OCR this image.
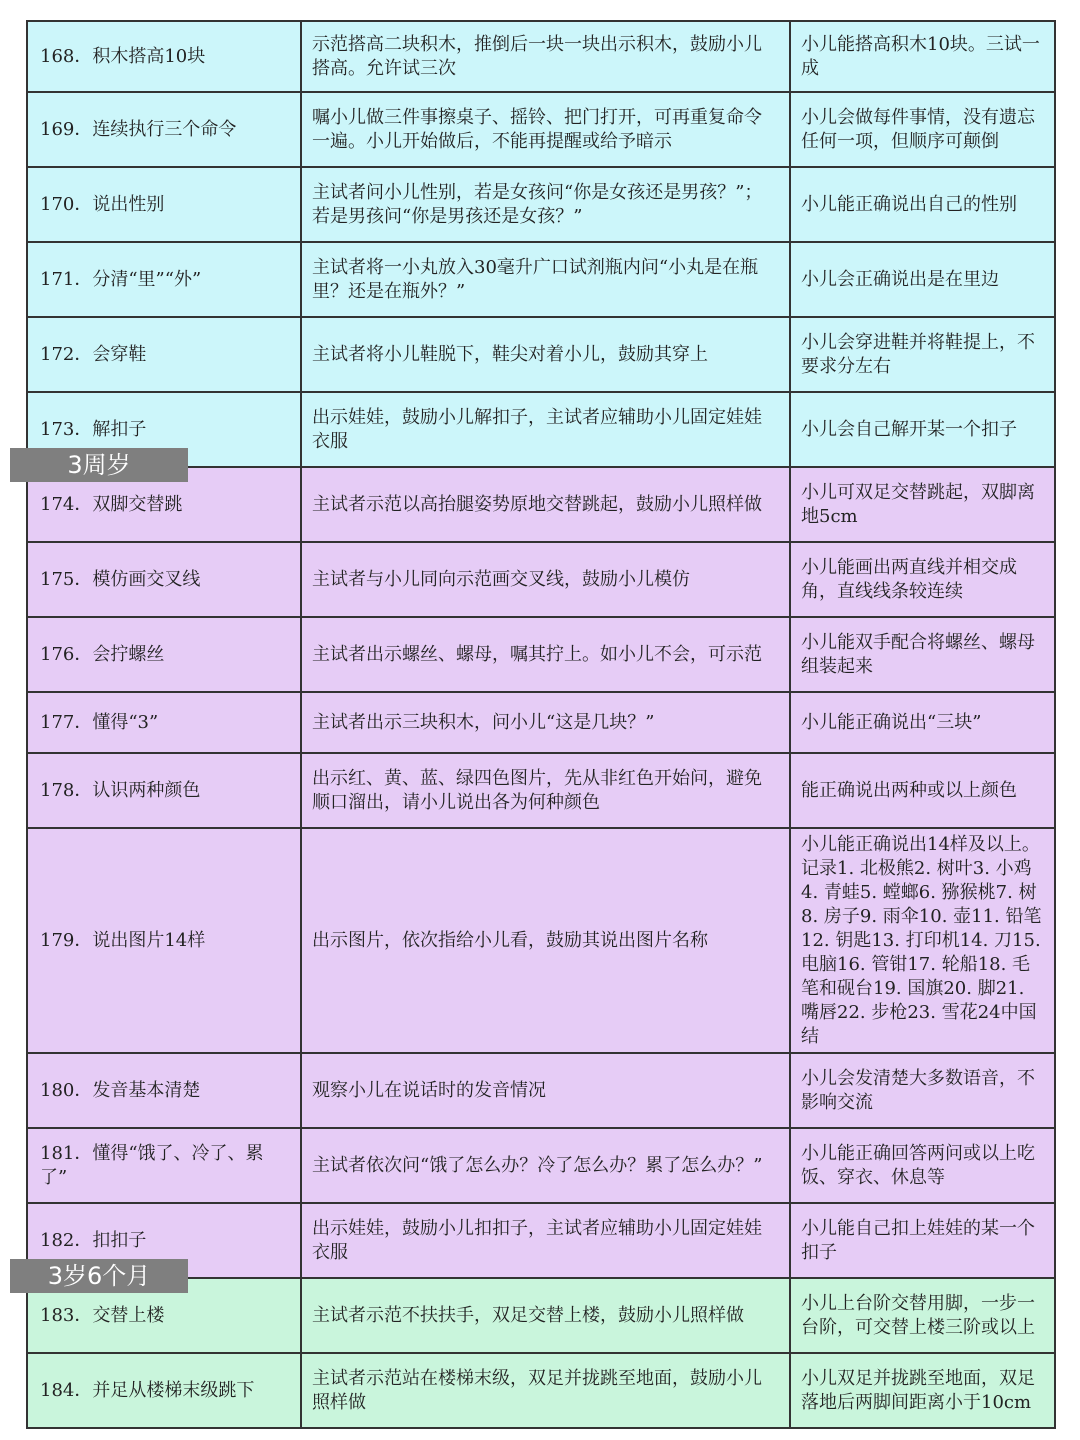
168．积木搭高10块	示范搭高二块积木，推倒后一块一块出示积木，鼓励小儿搭高。允许试三次	小儿能搭高积木10块。三试一成
169．连续执行三个命令	嘱小儿做三件事擦桌子、摇铃、把门打开，可再重复命令一遍。小儿开始做后，不能再提醒或给予暗示	小儿会做每件事情，没有遗忘任何一项，但顺序可颠倒
170．说出性别	主试者问小儿性别，若是女孩问“你是女孩还是男孩？”；若是男孩问“你是男孩还是女孩？”	小儿能正确说出自己的性别
171．分清“里”“外”	主试者将一小丸放入30毫升广口试剂瓶内问“小丸是在瓶里？还是在瓶外？”	小儿会正确说出是在里边
172．会穿鞋	主试者将小儿鞋脱下，鞋尖对着小儿，鼓励其穿上	小儿会穿进鞋并将鞋提上，不要求分左右
173．解扣子	出示娃娃，鼓励小儿解扣子，主试者应辅助小儿固定娃娃衣服	小儿会自己解开某一个扣子
174．双脚交替跳	主试者示范以高抬腿姿势原地交替跳起，鼓励小儿照样做	小儿可双足交替跳起，双脚离地5cm
175．模仿画交叉线	主试者与小儿同向示范画交叉线，鼓励小儿模仿	小儿能画出两直线并相交成角，直线线条较连续
176．会拧螺丝	主试者出示螺丝、螺母，嘱其拧上。如小儿不会，可示范	小儿能双手配合将螺丝、螺母组装起来
177．懂得“3”	主试者出示三块积木，问小儿“这是几块？”	小儿能正确说出“三块”
178．认识两种颜色	出示红、黄、蓝、绿四色图片，先从非红色开始问，避免顺口溜出，请小儿说出各为何种颜色	能正确说出两种或以上颜色
179．说出图片14样	出示图片，依次指给小儿看，鼓励其说出图片名称	小儿能正确说出14样及以上。记录1. 北极熊2. 树叶3. 小鸡4. 青蛙5. 螳螂6. 猕猴桃7. 树8. 房子9. 雨伞10. 壶11. 铅笔12. 钥匙13. 打印机14. 刀15. 电脑16. 管钳17. 轮船18. 毛笔和砚台19. 国旗20. 脚21. 嘴唇22. 步枪23. 雪花24中国结
180．发音基本清楚	观察小儿在说话时的发音情况	小儿会发清楚大多数语音，不影响交流
181．懂得“饿了、冷了、累了”	主试者依次问“饿了怎么办？冷了怎么办？累了怎么办？”	小儿能正确回答两问或以上吃饭、穿衣、休息等
182．扣扣子	出示娃娃，鼓励小儿扣扣子，主试者应辅助小儿固定娃娃衣服	小儿能自己扣上娃娃的某一个扣子
183．交替上楼	主试者示范不扶扶手，双足交替上楼，鼓励小儿照样做	小儿上台阶交替用脚，一步一台阶，可交替上楼三阶或以上
184．并足从楼梯末级跳下	主试者示范站在楼梯末级，双足并拢跳至地面，鼓励小儿照样做	小儿双足并拢跳至地面，双足落地后两脚间距离小于10cm
3周岁
3岁6个月
